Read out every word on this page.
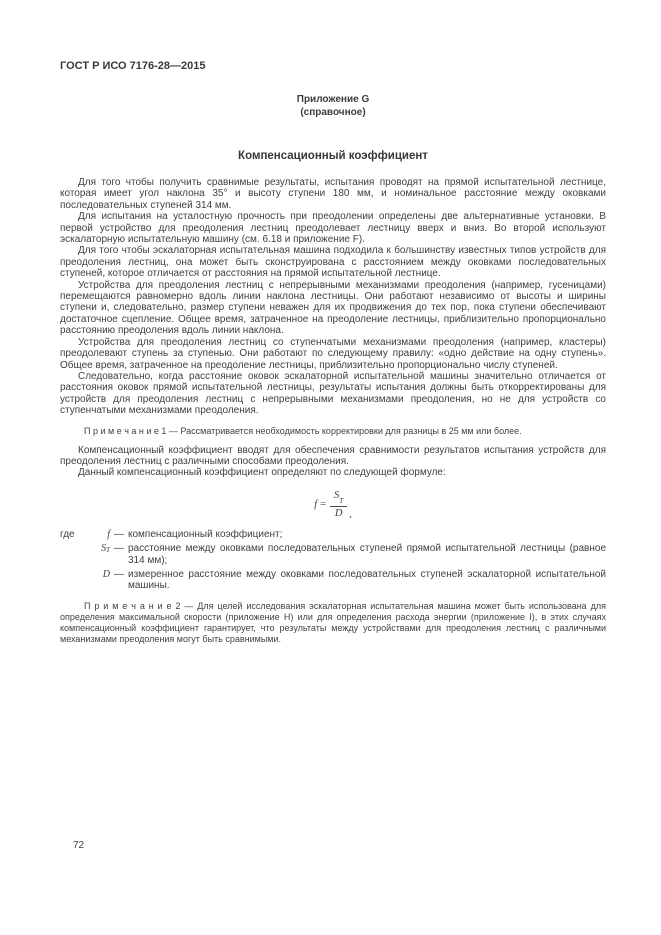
ГОСТ Р ИСО 7176-28—2015

Приложение G
(справочное)
Компенсационный коэффициент

Для того чтобы получить сравнимые результаты, испытания проводят на прямой испытательной лестнице, которая имеет угол наклона 35° и высоту ступени 180 мм, и номинальное расстояние между оковками последовательных ступеней 314 мм.

Для испытания на усталостную прочность при преодолении определены две альтернативные установки. В первой устройство для преодоления лестниц преодолевает лестницу вверх и вниз. Во второй используют эскалаторную испытательную машину (см. 6.18 и приложение F).

Для того чтобы эскалаторная испытательная машина подходила к большинству известных типов устройств для преодоления лестниц, она может быть сконструирована с расстоянием между оковками последовательных ступеней, которое отличается от расстояния на прямой испытательной лестнице.

Устройства для преодоления лестниц с непрерывными механизмами преодоления (например, гусеницами) перемещаются равномерно вдоль линии наклона лестницы. Они работают независимо от высоты и ширины ступени и, следовательно, размер ступени неважен для их продвижения до тех пор, пока ступени обеспечивают достаточное сцепление. Общее время, затраченное на преодоление лестницы, приблизительно пропорционально расстоянию преодоления вдоль линии наклона.

Устройства для преодоления лестниц со ступенчатыми механизмами преодоления (например, кластеры) преодолевают ступень за ступенью. Они работают по следующему правилу: «одно действие на одну ступень». Общее время, затраченное на преодоление лестницы, приблизительно пропорционально числу ступеней.

Следовательно, когда расстояние оковок эскалаторной испытательной машины значительно отличается от расстояния оковок прямой испытательной лестницы, результаты испытания должны быть откорректированы для устройств для преодоления лестниц с непрерывными механизмами преодоления, но не для устройств со ступенчатыми механизмами преодоления.

П р и м е ч а н и е 1 — Рассматривается необходимость корректировки для разницы в 25 мм или более.

Компенсационный коэффициент вводят для обеспечения сравнимости результатов испытания устройств для преодоления лестниц с различными способами преодоления.

Данный компенсационный коэффициент определяют по следующей формуле:

$f = \frac{S_T}{D}$ ,
где	f — компенсационный коэффициент;
S T — расстояние между оковками последовательных ступеней прямой испытательной лестницы (равное 314 мм);
D — измеренное расстояние между оковками последовательных ступеней эскалаторной испытательной машины.

П р и м е ч а н и е 2 — Для целей исследования эскалаторная испытательная машина может быть использована для определения максимальной скорости (приложение H) или для определения расхода энергии (приложение I), в этих случаях компенсационный коэффициент гарантирует, что результаты между устройствами для преодоления лестниц с различными механизмами преодоления могут быть сравнимыми.

72
